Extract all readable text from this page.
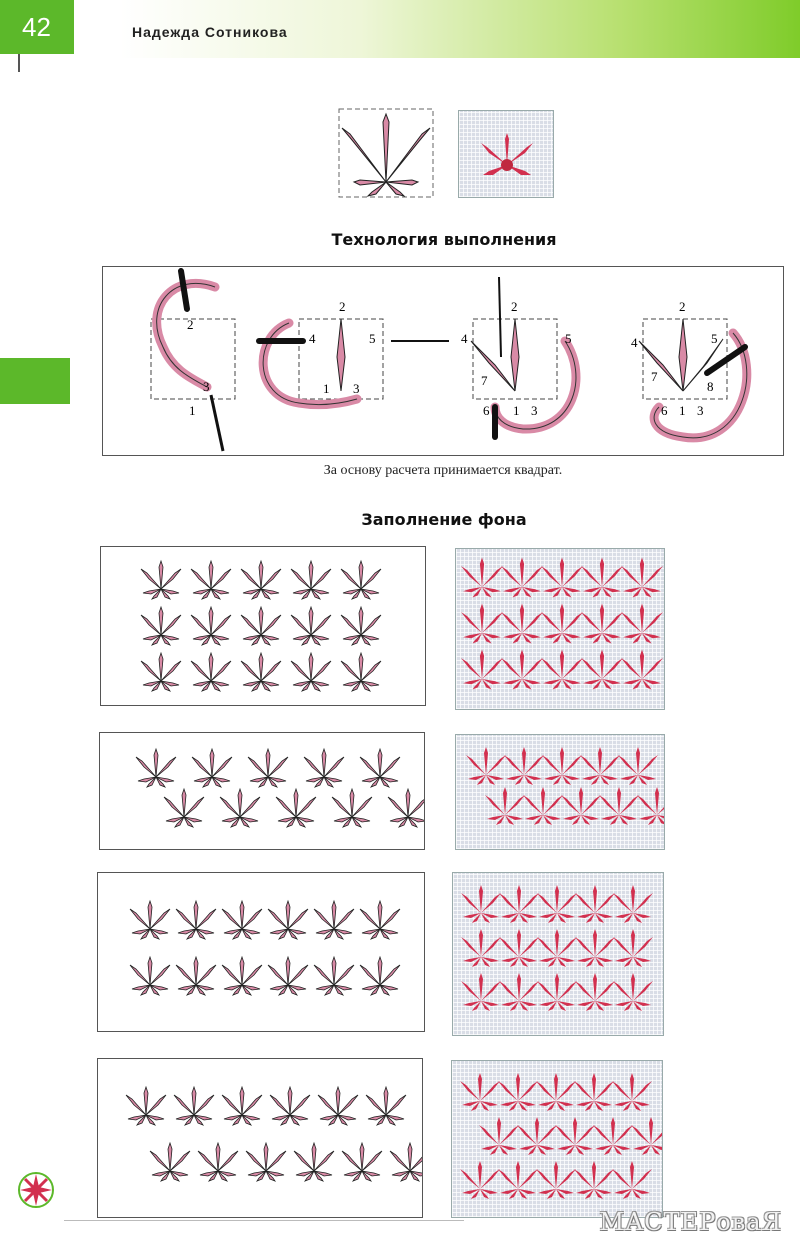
42	Надежда Сотникова
Технология выполнения
2
3
1
2
4	5
1 3
2
4	5
7
6 1 3
2
4	5
7
8
6 1 3
За основу расчета принимается квадрат.
Заполнение фона
МАСТЕРоваЯ
